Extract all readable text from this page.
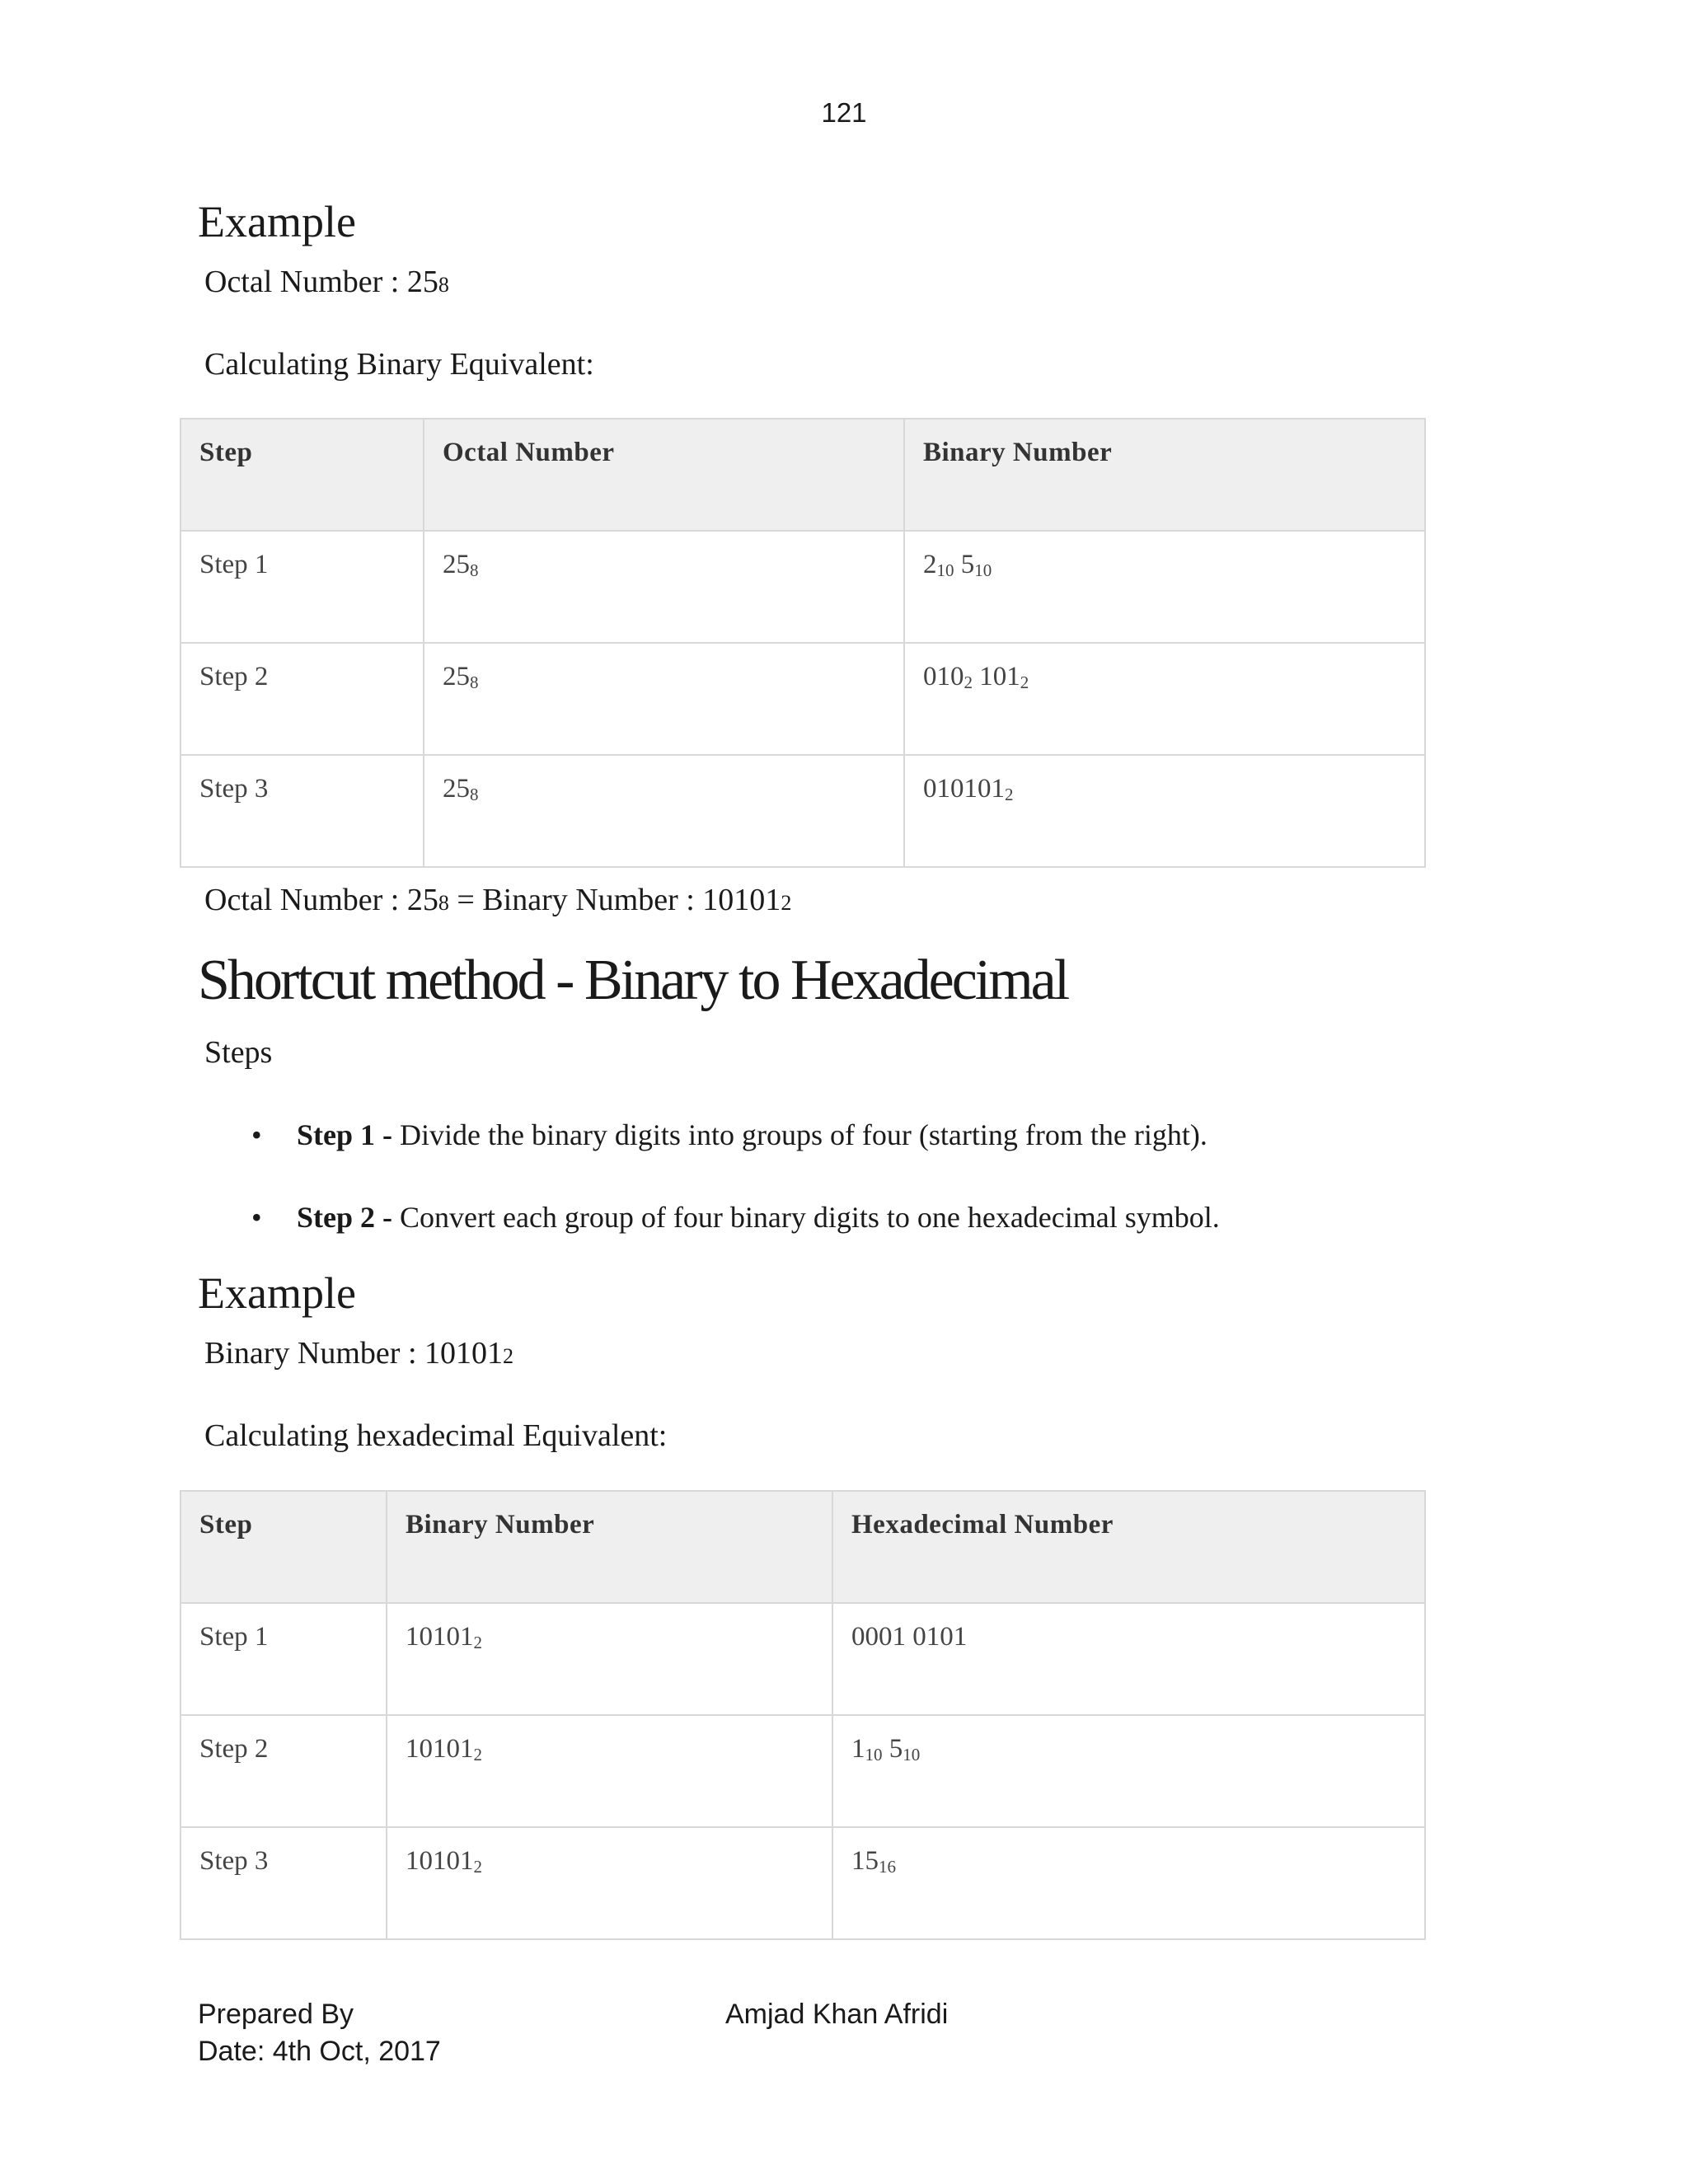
121
Example
Octal Number : 258
Calculating Binary Equivalent:
Step	Octal Number	Binary Number
Step 1	$25_8$	$2_{10}$ $5_{10}$
Step 2	$25_8$	$010_2$ $101_2$
Step 3	$25_8$	$010101_2$
Octal Number : 258 = Binary Number : 101012
Shortcut method - Binary to Hexadecimal
Steps
• Step 1 - Divide the binary digits into groups of four (starting from the right).
• Step 2 - Convert each group of four binary digits to one hexadecimal symbol.
Example
Binary Number : 101012
Calculating hexadecimal Equivalent:
Step	Binary Number	Hexadecimal Number
Step 1	$10101_2$	0001 0101
Step 2	$10101_2$	$1_{10}$ $5_{10}$
Step 3	$10101_2$	$15_{16}$
Prepared By
Date: 4th Oct, 2017
Amjad Khan Afridi
